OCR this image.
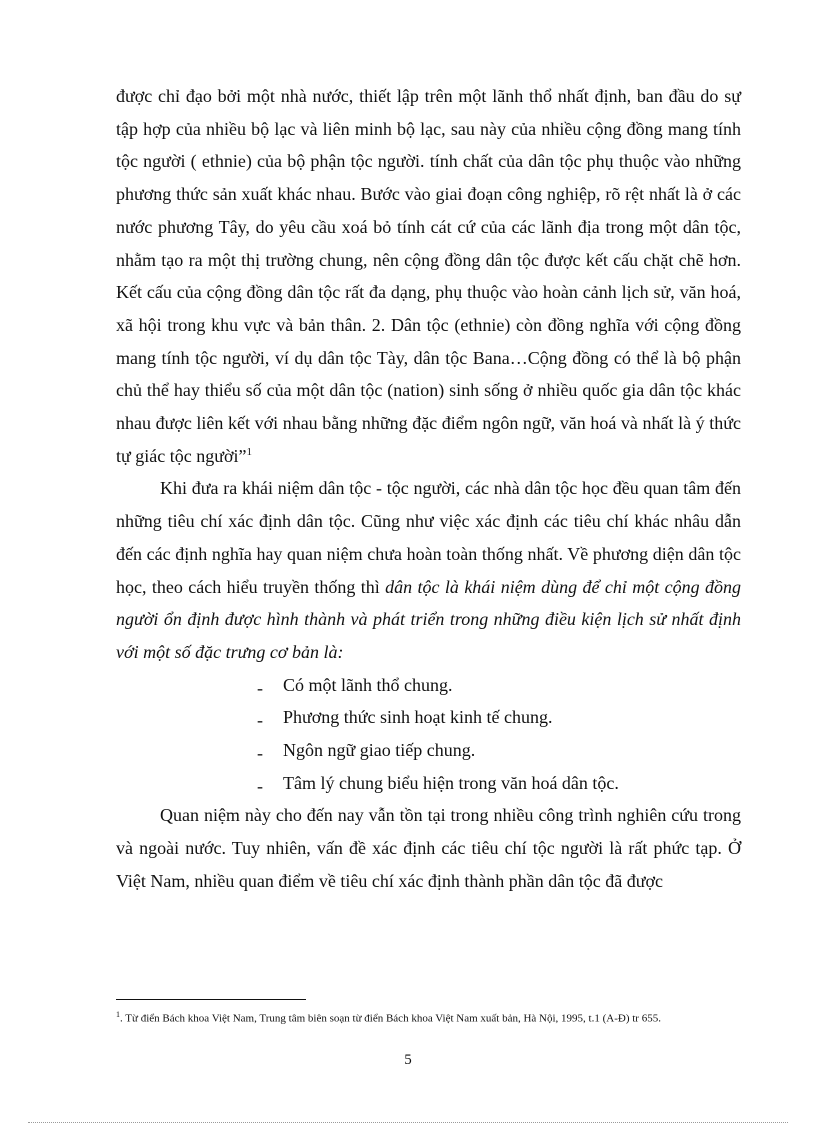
được chỉ đạo bởi một nhà nước, thiết lập trên một lãnh thổ nhất định, ban đầu do sự tập hợp của nhiều bộ lạc và liên minh bộ lạc, sau này của nhiều cộng đồng mang tính tộc người ( ethnie) của bộ phận tộc người. tính chất của dân tộc phụ thuộc vào những phương thức sản xuất khác nhau. Bước vào giai đoạn công nghiệp, rõ rệt nhất là ở các nước phương Tây, do yêu cầu xoá bỏ tính cát cứ của các lãnh địa trong một dân tộc, nhằm tạo ra một thị trường chung, nên cộng đồng dân tộc được kết cấu chặt chẽ hơn. Kết cấu của cộng đồng dân tộc rất đa dạng, phụ thuộc vào hoàn cảnh lịch sử, văn hoá, xã hội trong khu vực và bản thân. 2. Dân tộc (ethnie) còn đồng nghĩa với cộng đồng mang tính tộc người, ví dụ dân tộc Tày, dân tộc Bana…Cộng đồng có thể là bộ phận chủ thể hay thiểu số của một dân tộc (nation) sinh sống ở nhiều quốc gia dân tộc khác nhau được liên kết với nhau bằng những đặc điểm ngôn ngữ, văn hoá và nhất là ý thức tự giác tộc người”$^1$

Khi đưa ra khái niệm dân tộc - tộc người, các nhà dân tộc học đều quan tâm đến những tiêu chí xác định dân tộc. Cũng như việc xác định các tiêu chí khác nhâu dẫn đến các định nghĩa hay quan niệm chưa hoàn toàn thống nhất. Về phương diện dân tộc học, theo cách hiểu truyền thống thì dân tộc là khái niệm dùng để chỉ một cộng đồng người ổn định được hình thành và phát triển trong những điều kiện lịch sử nhất định với một số đặc trưng cơ bản là:

- Có một lãnh thổ chung.
- Phương thức sinh hoạt kinh tế chung.
- Ngôn ngữ giao tiếp chung.
- Tâm lý chung biểu hiện trong văn hoá dân tộc.

Quan niệm này cho đến nay vẫn tồn tại trong nhiều công trình nghiên cứu trong và ngoài nước. Tuy nhiên, vấn đề xác định các tiêu chí tộc người là rất phức tạp. Ở Việt Nam, nhiều quan điểm về tiêu chí xác định thành phần dân tộc đã được

$^1$. Từ điển Bách khoa Việt Nam, Trung tâm biên soạn từ điển Bách khoa Việt Nam xuất bản, Hà Nội, 1995, t.1 (A-Đ) tr 655.
5
